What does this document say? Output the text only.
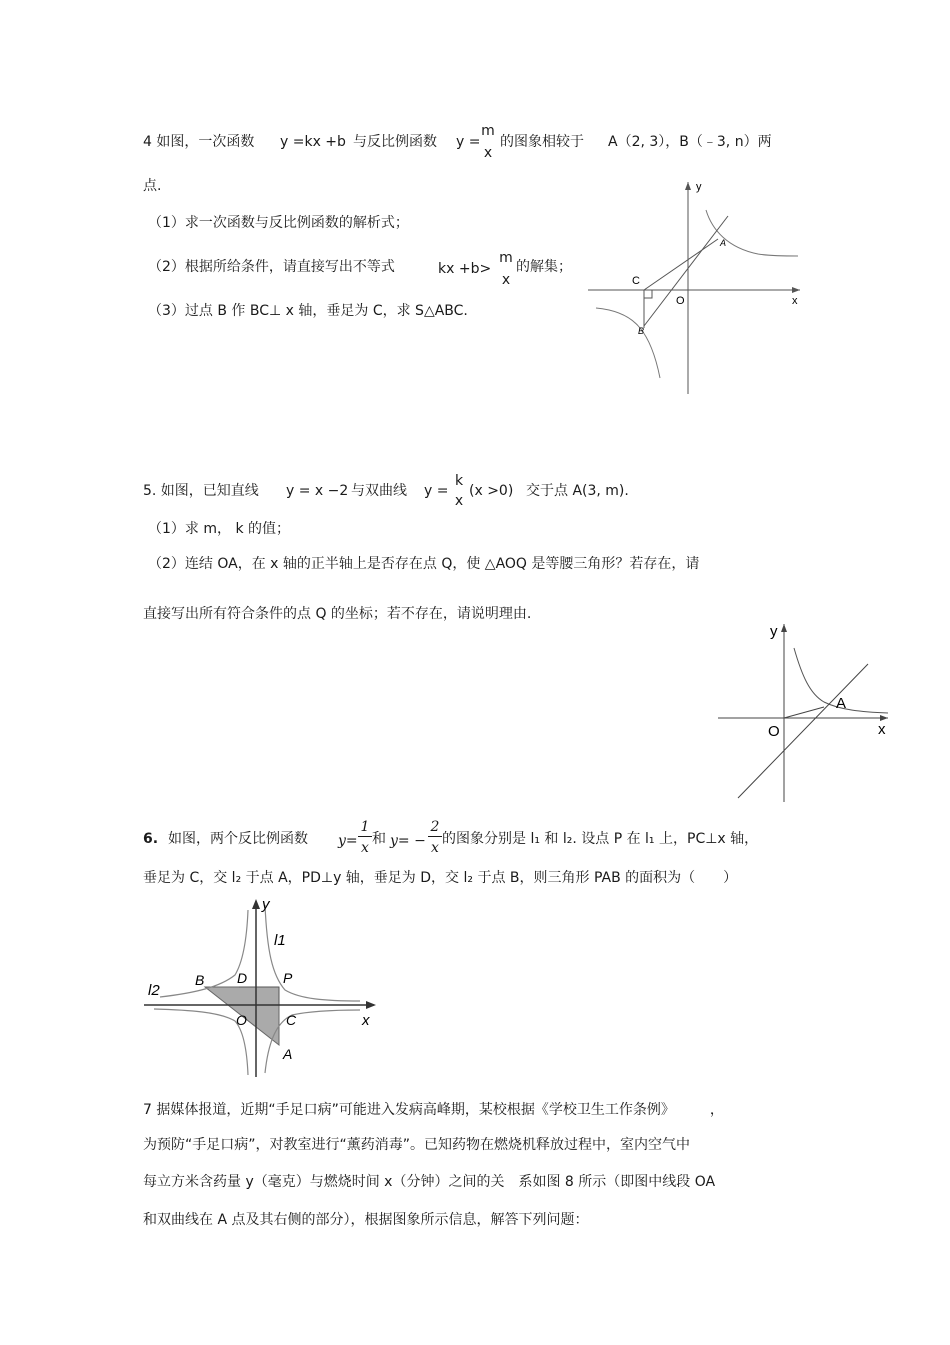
4 如图，一次函数 y =kx +b 与反比例函数 y =
m
x
的图象相较于 A（2, 3），B（﹣3, n）两
点.
（1）求一次函数与反比例函数的解析式；
（2）根据所给条件，请直接写出不等式	kx +b>
m
x
的解集；
（3）过点 B 作 BC⊥ x 轴，垂足为 C，求 S△ABC.
y
x
O
C
A
B
5. 如图，已知直线 y = x −2 与双曲线 y =
k
x
(x >0) 交于点 A(3, m).
（1）求 m， k 的值；
（2）连结 OA，在 x 轴的正半轴上是否存在点 Q，使 △AOQ 是等腰三角形？若存在，请
直接写出所有符合条件的点 Q 的坐标；若不存在，请说明理由.
y
x
O
A
6. 如图，两个反比例函数 y=
1
x
和 y= −
2
x
的图象分别是 l₁ 和 l₂. 设点 P 在 l₁ 上，PC⊥x 轴，
垂足为 C，交 l₂ 于点 A，PD⊥y 轴，垂足为 D，交 l₂ 于点 B，则三角形 PAB 的面积为（　　）
y
x
l1
l2
B D	P
O	C
A
7 据媒体报道，近期“手足口病”可能进入发病高峰期，某校根据《学校卫生工作条例》　　　，
为预防“手足口病”，对教室进行“薰药消毒”。已知药物在燃烧机释放过程中，室内空气中
每立方米含药量 y（毫克）与燃烧时间 x（分钟）之间的关　系如图 8 所示（即图中线段 OA
和双曲线在 A 点及其右侧的部分），根据图象所示信息，解答下列问题：
